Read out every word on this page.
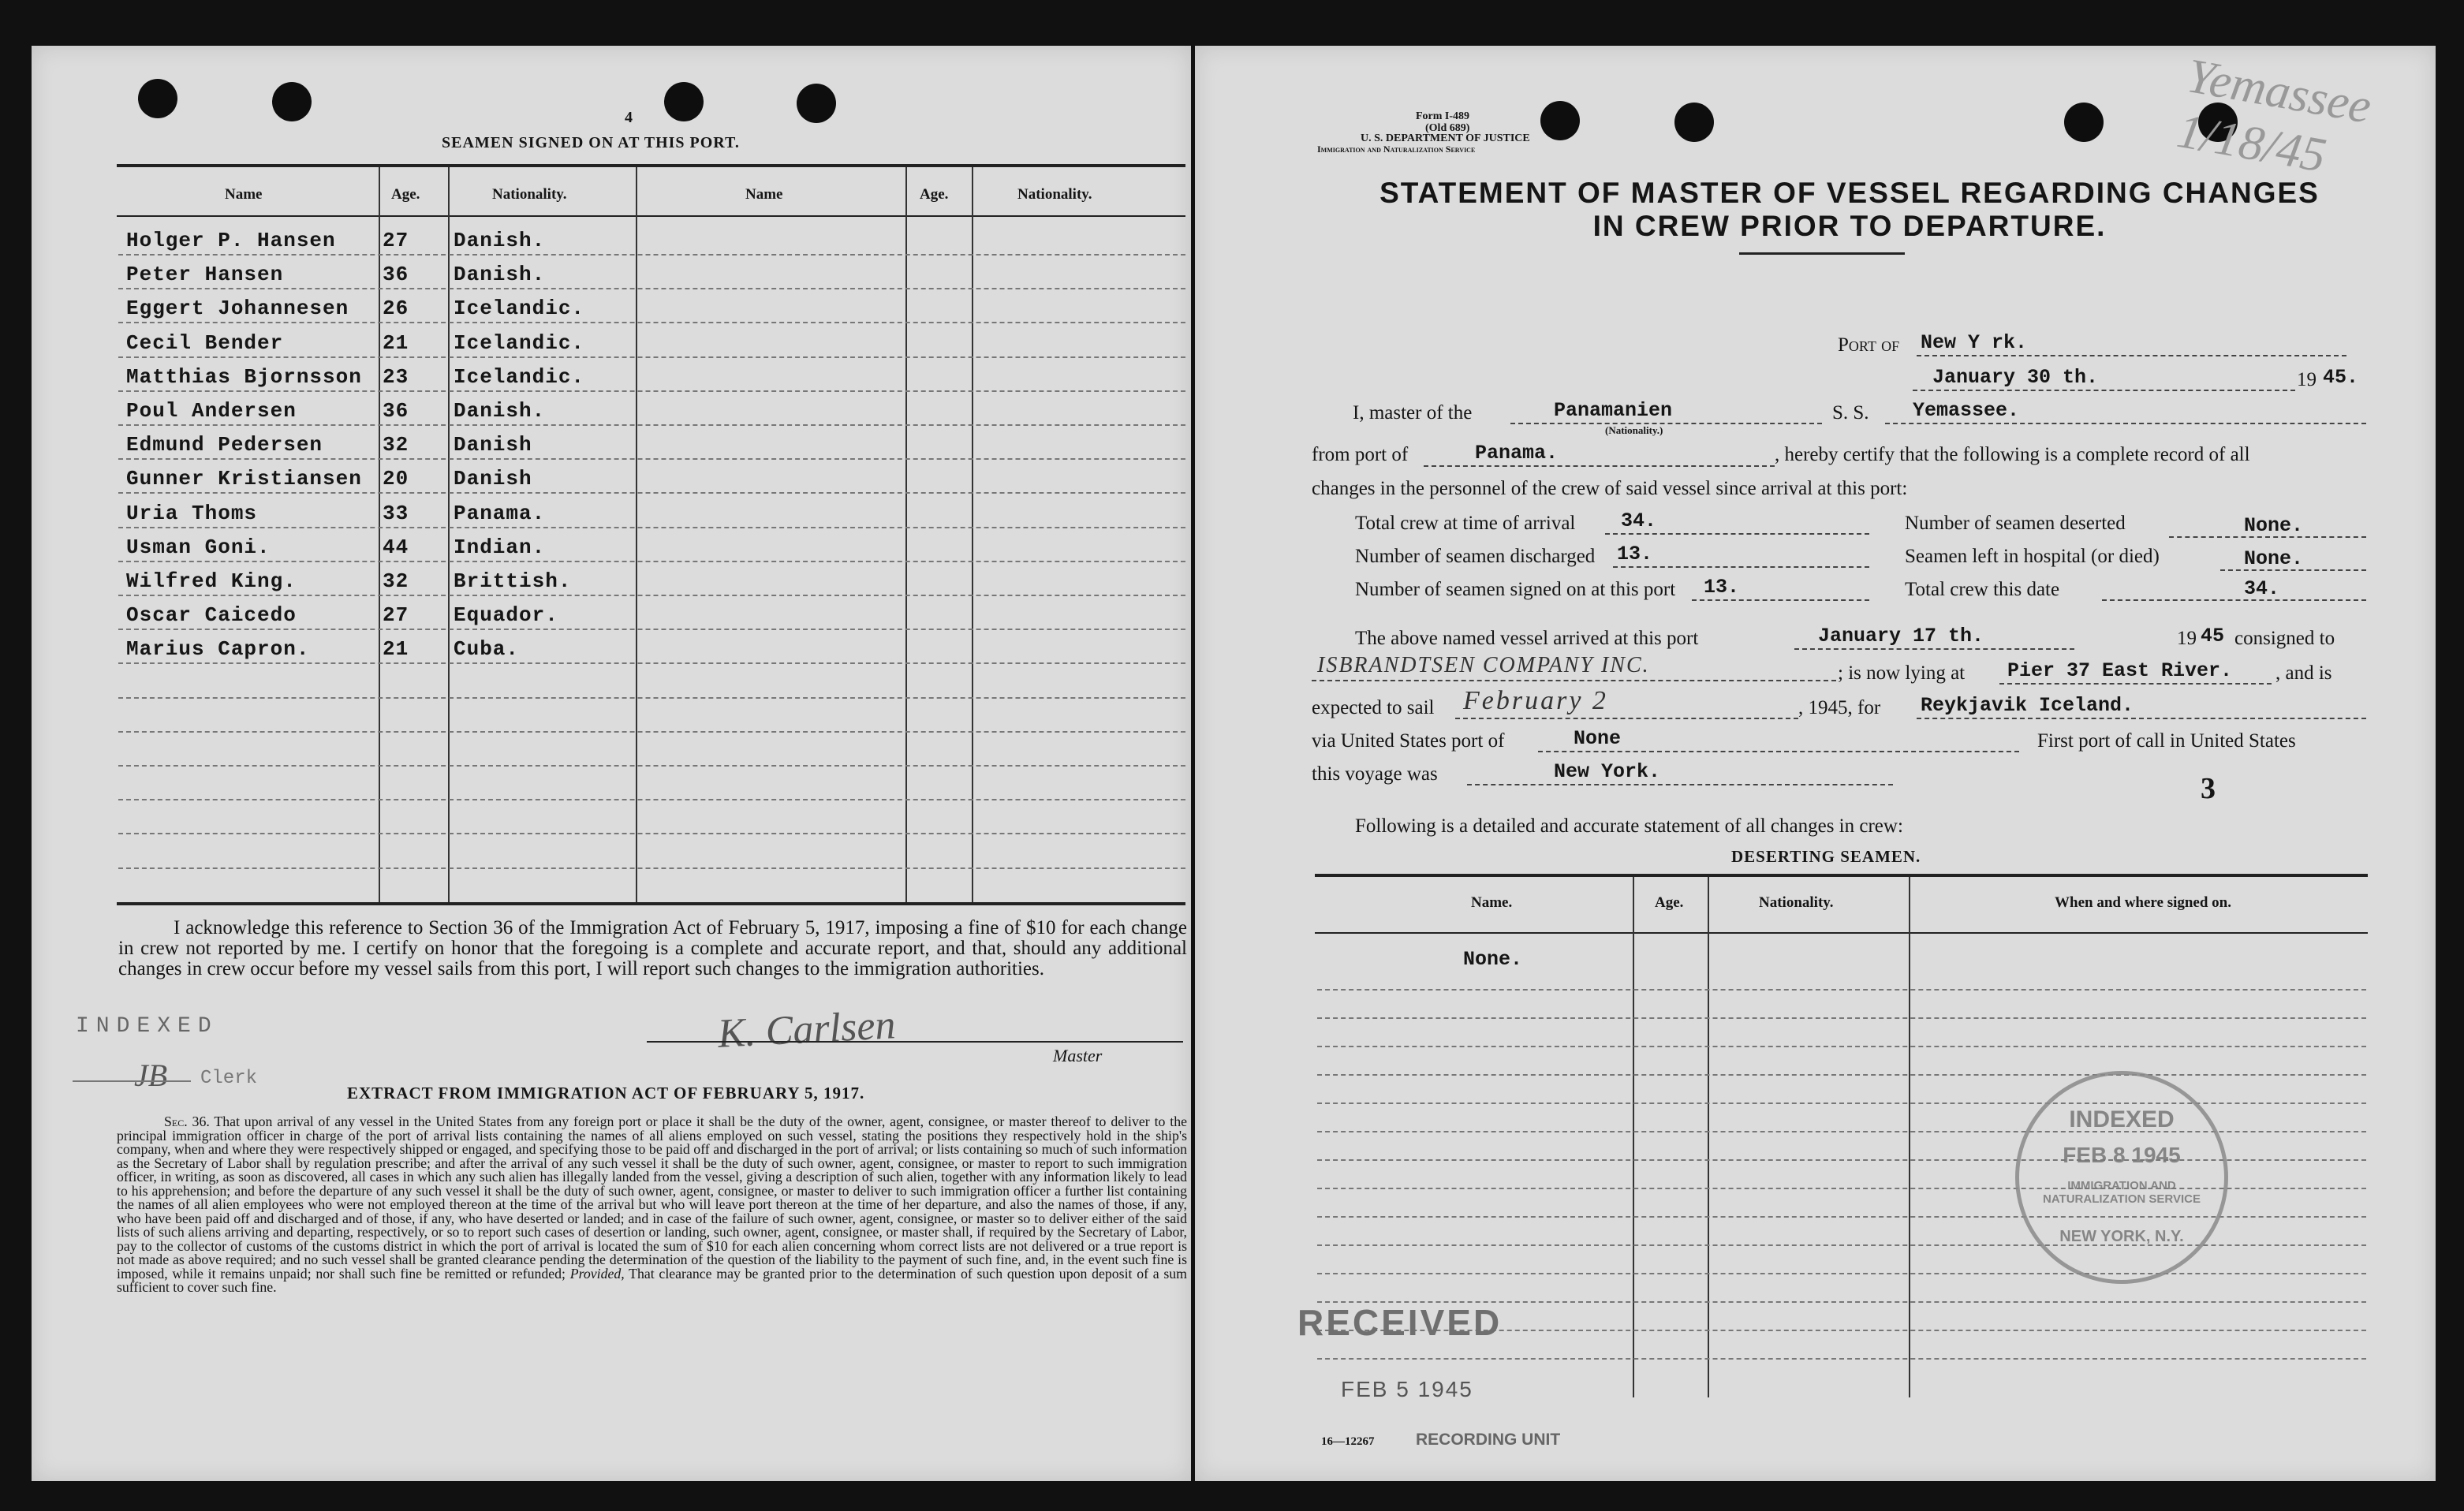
4
SEAMEN SIGNED ON AT THIS PORT.
Name	Age.	Nationality.	Name	Age.	Nationality.
Holger P. Hansen 27 Danish.
Peter Hansen	36 Danish.
Eggert Johannesen 26 Icelandic.
Cecil Bender	21 Icelandic.
Matthias Bjornsson 23 Icelandic.
Poul Andersen	36 Danish.
Edmund Pedersen	32 Danish
Gunner Kristiansen 20 Danish
Uria Thoms	33 Panama.
Usman Goni.	44 Indian.
Wilfred King.	32 Brittish.
Oscar Caicedo	27 Equador.
Marius Capron.	21 Cuba.
I acknowledge this reference to Section 36 of the Immigration Act of February 5, 1917, imposing a fine of $10 for each change in crew not reported by me. I certify on honor that the foregoing is a complete and accurate report, and that, should any additional changes in crew occur before my vessel sails from this port, I will report such changes to the immigration authorities.
INDEXED
JB Clerk
K. Carlsen	Master
EXTRACT FROM IMMIGRATION ACT OF FEBRUARY 5, 1917.
Sec. 36. That upon arrival of any vessel in the United States from any foreign port or place it shall be the duty of the owner, agent, consignee, or master thereof to deliver to the principal immigration officer in charge of the port of arrival lists containing the names of all aliens employed on such vessel, stating the positions they respectively hold in the ship's company, when and where they were respectively shipped or engaged, and specifying those to be paid off and discharged in the port of arrival; or lists containing so much of such information as the Secretary of Labor shall by regulation prescribe; and after the arrival of any such vessel it shall be the duty of such owner, agent, consignee, or master to report to such immigration officer, in writing, as soon as discovered, all cases in which any such alien has illegally landed from the vessel, giving a description of such alien, together with any information likely to lead to his apprehension; and before the departure of any such vessel it shall be the duty of such owner, agent, consignee, or master to deliver to such immigration officer a further list containing the names of all alien employees who were not employed thereon at the time of the arrival but who will leave port thereon at the time of her departure, and also the names of those, if any, who have been paid off and discharged and of those, if any, who have deserted or landed; and in case of the failure of such owner, agent, consignee, or master so to deliver either of the said lists of such aliens arriving and departing, respectively, or so to report such cases of desertion or landing, such owner, agent, consignee, or master shall, if required by the Secretary of Labor, pay to the collector of customs of the customs district in which the port of arrival is located the sum of $10 for each alien concerning whom correct lists are not delivered or a true report is not made as above required; and no such vessel shall be granted clearance pending the determination of the question of the liability to the payment of such fine, and, in the event such fine is imposed, while it remains unpaid; nor shall such fine be remitted or refunded; Provided, That clearance may be granted prior to the determination of such question upon deposit of a sum sufficient to cover such fine.
Form I-489
(Old 689)
U. S. DEPARTMENT OF JUSTICE
Immigration and Naturalization Service
Yemassee 1/18/45
STATEMENT OF MASTER OF VESSEL REGARDING CHANGES
IN CREW PRIOR TO DEPARTURE.
Port of New Y rk.
January 30 th.	19 45.
I, master of the	Panamanien
(Nationality.)
S. S. Yemassee.
from port of	Panama.	, hereby certify that the following is a complete record of all
changes in the personnel of the crew of said vessel since arrival at this port:
Total crew at time of arrival 34.	Number of seamen deserted	None.
Number of seamen discharged 13.	Seamen left in hospital (or died)	None.
Number of seamen signed on at this port 13.	Total crew this date	34.
The above named vessel arrived at this port	January 17 th.	19 45 consigned to
ISBRANDTSEN COMPANY INC.	; is now lying at Pier 37 East River. , and is
expected to sail February 2	, 1945, for Reykjavik Iceland.
via United States port of	None	First port of call in United States
this voyage was	New York.
3
Following is a detailed and accurate statement of all changes in crew:
DESERTING SEAMEN.
Name.	Age.	Nationality.	When and where signed on.
None.
INDEXED
FEB 8 1945
IMMIGRATION AND NATURALIZATION SERVICE
NEW YORK, N.Y.
RECEIVED
FEB 5 1945
16—12267	RECORDING UNIT
